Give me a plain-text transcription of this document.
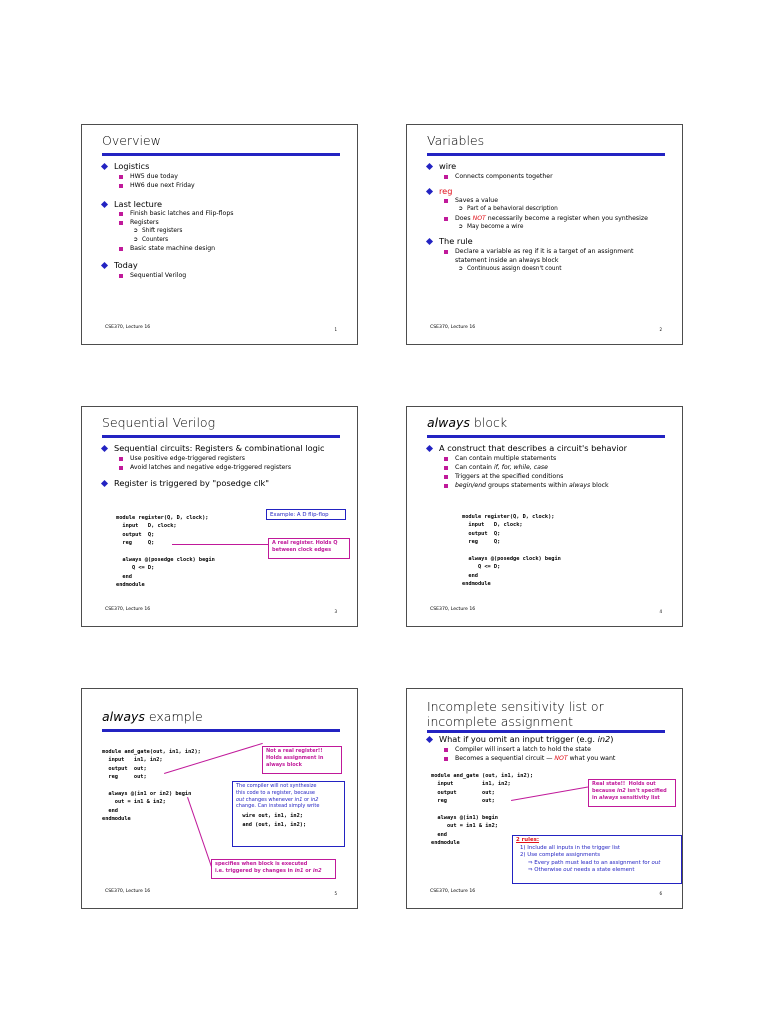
Overview
Logistics
HW5 due today
HW6 due next Friday
Last lecture
Finish basic latches and Flip-flops
Registers
➲ Shift registers
➲ Counters
Basic state machine design
Today
Sequential Verilog
CSE370, Lecture 16	1
Variables
wire
Connects components together
reg
Saves a value
➲ Part of a behavioral description
Does NOT necessarily become a register when you synthesize
➲ May become a wire
The rule
Declare a variable as reg if it is a target of an assignment statement inside an always block
➲ Continuous assign doesn't count
CSE370, Lecture 16	2
Sequential Verilog
Sequential circuits: Registers & combinational logic
Use positive edge-triggered registers
Avoid latches and negative edge-triggered registers
Register is triggered by "posedge clk"
module register(Q, D, clock);
input   D, clock;
output  Q;
reg     Q;

always @(posedge clock) begin
Q <= D;
end
endmodule
Example: A D flip-flop
A real register. Holds Q
between clock edges
CSE370, Lecture 16	3
always block
A construct that describes a circuit's behavior
Can contain multiple statements
Can contain if, for, while, case
Triggers at the specified conditions
begin/end groups statements within always block
module register(Q, D, clock);
input   D, clock;
output  Q;
reg     Q;

always @(posedge clock) begin
Q <= D;
end
endmodule
CSE370, Lecture 16	4
always example
module and_gate(out, in1, in2);
input   in1, in2;
output  out;
reg     out;

always @(in1 or in2) begin
out = in1 & in2;
end
endmodule
Not a real register!!
Holds assignment in
always block
The compiler will not synthesize
this code to a register, because
out changes whenever in1 or in2
change. Can instead simply write
wire out, in1, in2;
and (out, in1, in2);
specifies when block is executed
i.e. triggered by changes in in1 or in2
CSE370, Lecture 16	5
Incomplete sensitivity list or incomplete assignment
What if you omit an input trigger (e.g. in2)
Compiler will insert a latch to hold the state
Becomes a sequential circuit — NOT what you want
module and_gate (out, in1, in2);
input         in1, in2;
output        out;
reg           out;

always @(in1) begin
out = in1 & in2;
end
endmodule
Real state!!  Holds out
because in2 isn't specified
in always sensitivity list
2 rules:
1) Include all inputs in the trigger list
2) Use complete assignments
⇒ Every path must lead to an assignment for out
⇒ Otherwise out needs a state element
CSE370, Lecture 16	6
